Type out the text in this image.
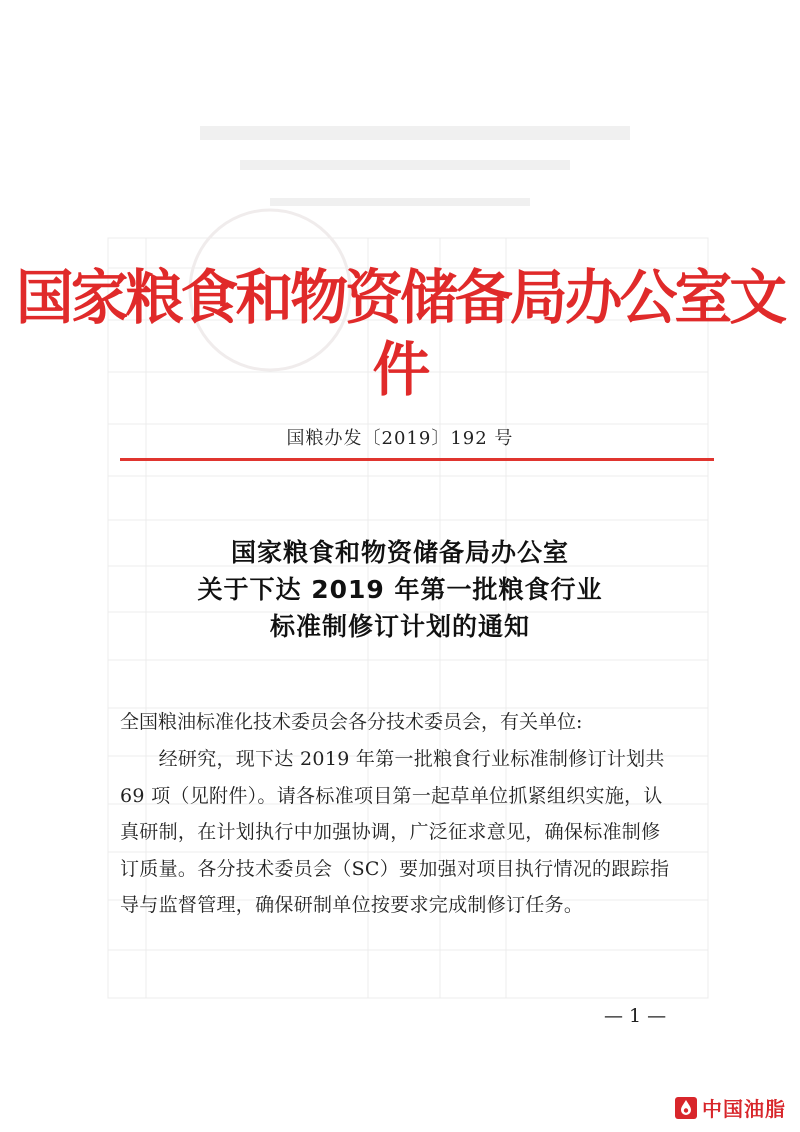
国家粮食和物资储备局办公室文件
国粮办发〔2019〕192 号
国家粮食和物资储备局办公室
关于下达 2019 年第一批粮食行业
标准制修订计划的通知
全国粮油标准化技术委员会各分技术委员会，有关单位:
　　经研究，现下达 2019 年第一批粮食行业标准制修订计划共
69 项（见附件）。请各标准项目第一起草单位抓紧组织实施，认
真研制，在计划执行中加强协调，广泛征求意见，确保标准制修
订质量。各分技术委员会（SC）要加强对项目执行情况的跟踪指
导与监督管理，确保研制单位按要求完成制修订任务。
— 1 —
中国油脂
